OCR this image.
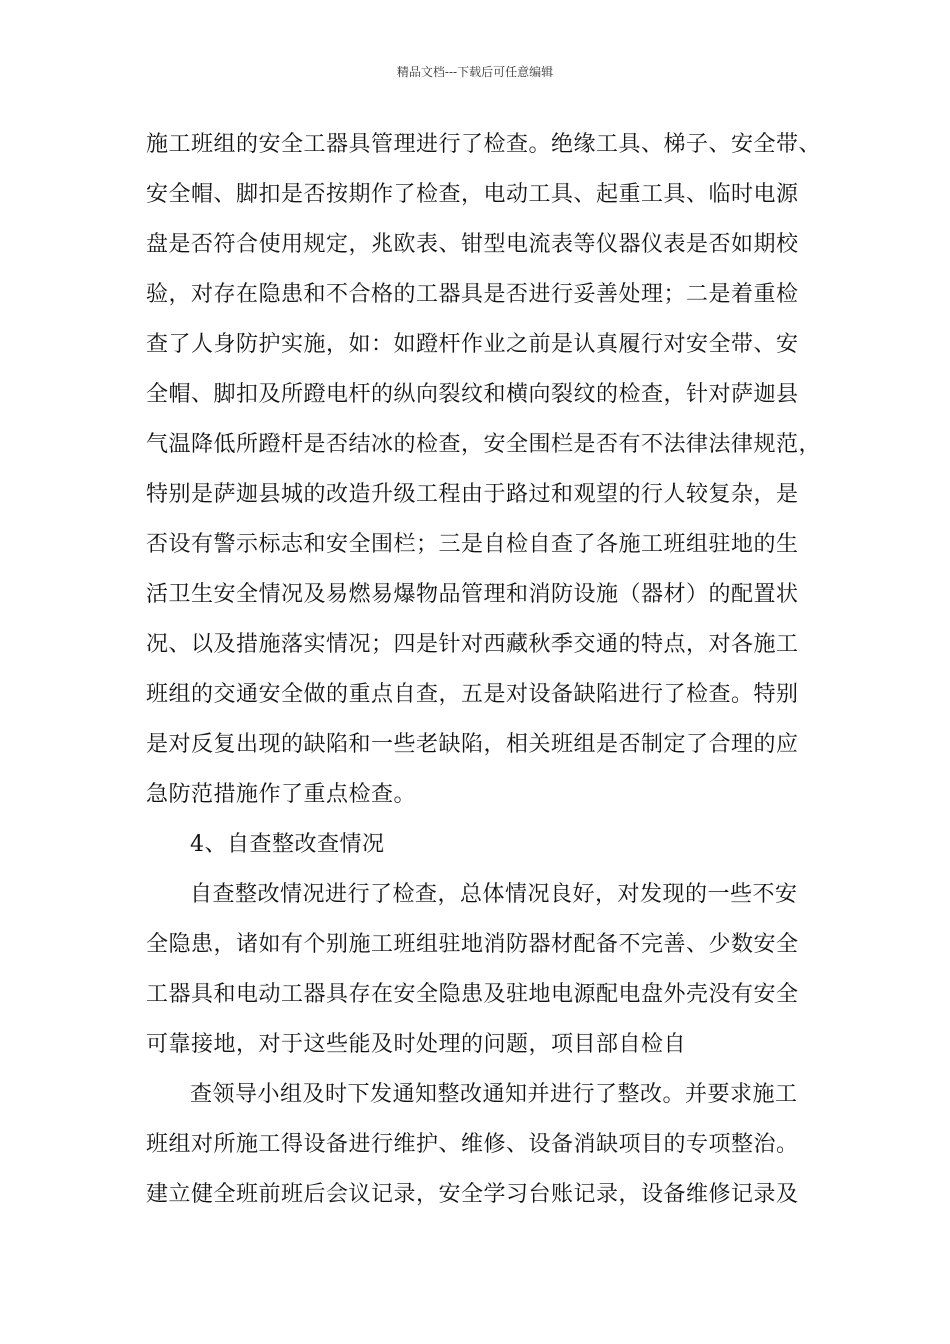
精品文档---下载后可任意编辑
施工班组的安全工器具管理进行了检查。绝缘工具、梯子、安全带、
安全帽、脚扣是否按期作了检查，电动工具、起重工具、临时电源
盘是否符合使用规定，兆欧表、钳型电流表等仪器仪表是否如期校
验，对存在隐患和不合格的工器具是否进行妥善处理；二是着重检
查了人身防护实施，如：如蹬杆作业之前是认真履行对安全带、安
全帽、脚扣及所蹬电杆的纵向裂纹和横向裂纹的检查，针对萨迦县
气温降低所蹬杆是否结冰的检查，安全围栏是否有不法律法律规范，
特别是萨迦县城的改造升级工程由于路过和观望的行人较复杂，是
否设有警示标志和安全围栏；三是自检自查了各施工班组驻地的生
活卫生安全情况及易燃易爆物品管理和消防设施（器材）的配置状
况、以及措施落实情况；四是针对西藏秋季交通的特点，对各施工
班组的交通安全做的重点自查，五是对设备缺陷进行了检查。特别
是对反复出现的缺陷和一些老缺陷，相关班组是否制定了合理的应
急防范措施作了重点检查。
4、自查整改查情况
自查整改情况进行了检查，总体情况良好，对发现的一些不安
全隐患，诸如有个别施工班组驻地消防器材配备不完善、少数安全
工器具和电动工器具存在安全隐患及驻地电源配电盘外壳没有安全
可靠接地，对于这些能及时处理的问题，项目部自检自
查领导小组及时下发通知整改通知并进行了整改。并要求施工
班组对所施工得设备进行维护、维修、设备消缺项目的专项整治。
建立健全班前班后会议记录，安全学习台账记录，设备维修记录及
